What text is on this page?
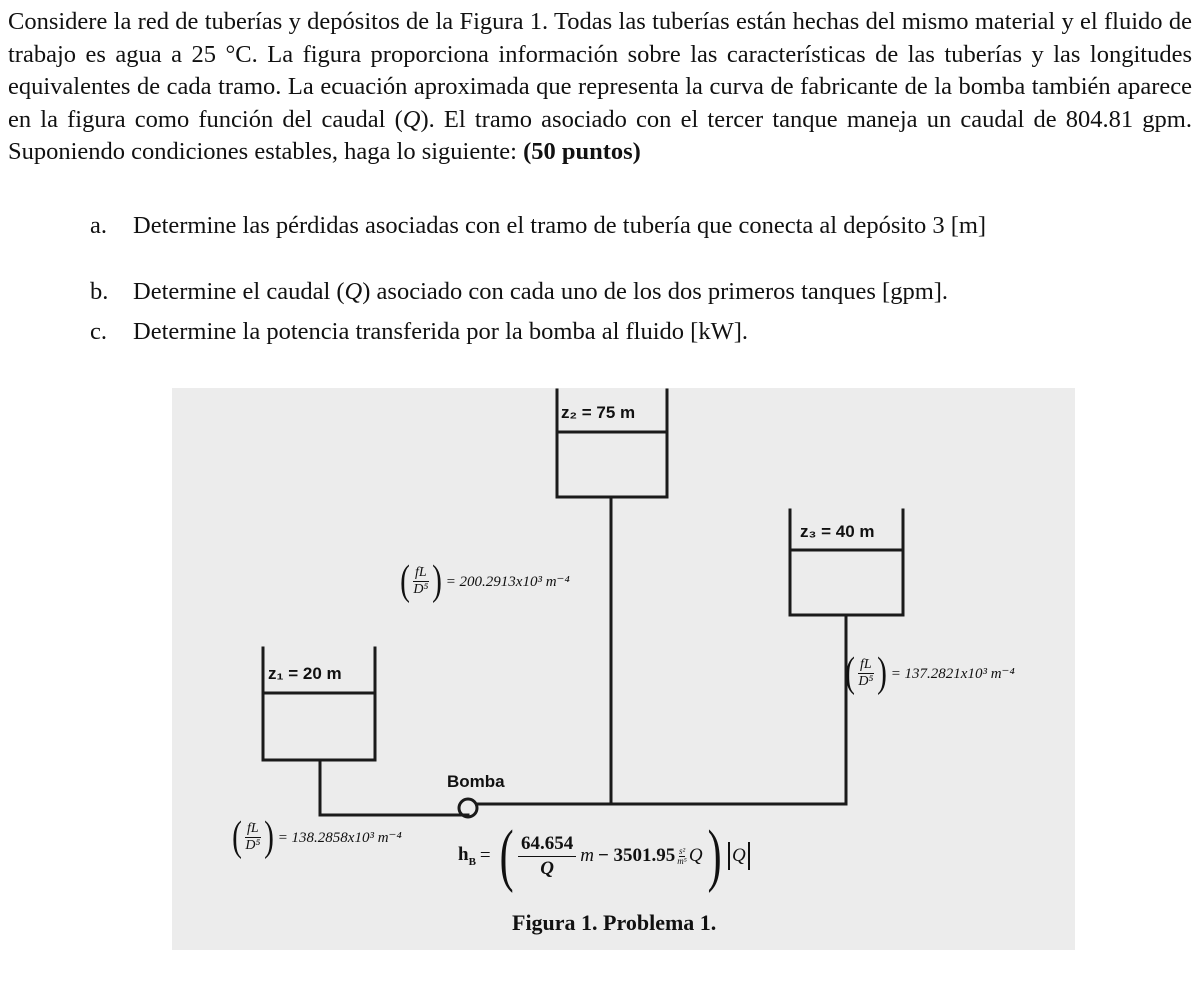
Considere la red de tuberías y depósitos de la Figura 1. Todas las tuberías están hechas del mismo material y el fluido de trabajo es agua a 25 °C. La figura proporciona información sobre las características de las tuberías y las longitudes equivalentes de cada tramo. La ecuación aproximada que representa la curva de fabricante de la bomba también aparece en la figura como función del caudal (Q). El tramo asociado con el tercer tanque maneja un caudal de 804.81 gpm. Suponiendo condiciones estables, haga lo siguiente: (50 puntos)

a. Determine las pérdidas asociadas con el tramo de tubería que conecta al depósito 3 [m]
b. Determine el caudal (Q) asociado con cada uno de los dos primeros tanques [gpm].
c. Determine la potencia transferida por la bomba al fluido [kW].
z₂ = 75 m
z₃ = 40 m
z₁ = 20 m
( $\frac{fL}{\text{D⁵}}$ ) = 200.2913x10³ m⁻⁴
( $\frac{fL}{\text{D⁵}}$ ) = 137.2821x10³ m⁻⁴
( $\frac{fL}{\text{D⁵}}$ ) = 138.2858x10³ m⁻⁴
Bomba
$h_B$ = ( $\frac{64.654}{Q}$ $m - 3501.95 \frac{\text{s²}}{\text{m⁵}}$ Q ) Q
Figura 1. Problema 1.
